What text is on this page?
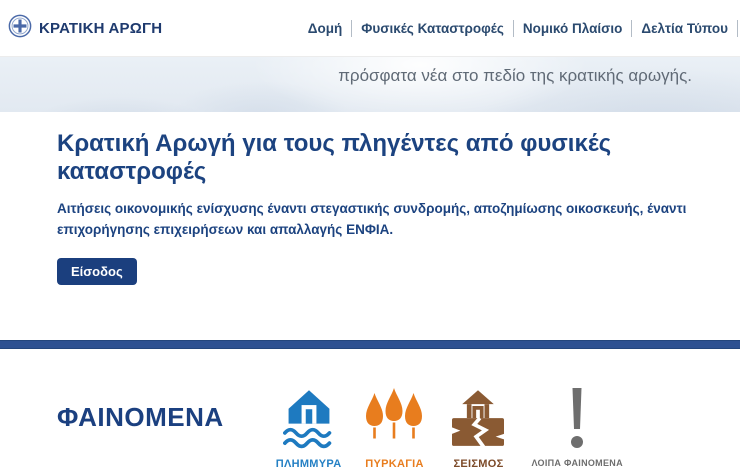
ΚΡΑΤΙΚΗ ΑΡΩΓΗ	Δομή	Φυσικές Καταστροφές	Νομικό Πλαίσιο	Δελτία Τύπου
πρόσφατα νέα στο πεδίο της κρατικής αρωγής.
Κρατική Αρωγή για τους πληγέντες από φυσικές καταστροφές

Αιτήσεις οικονομικής ενίσχυσης έναντι στεγαστικής συνδρομής, αποζημίωσης οικοσκευής, έναντι επιχορήγησης επιχειρήσεων και απαλλαγής ΕΝΦΙΑ.

Είσοδος
ΦΑΙΝΟΜΕΝΑ
ΠΛΗΜΜΥΡΑ ΠΥΡΚΑΓΙΑ	ΣΕΙΣΜΟΣ	ΛΟΙΠΑ ΦΑΙΝΟΜΕΝΑ
